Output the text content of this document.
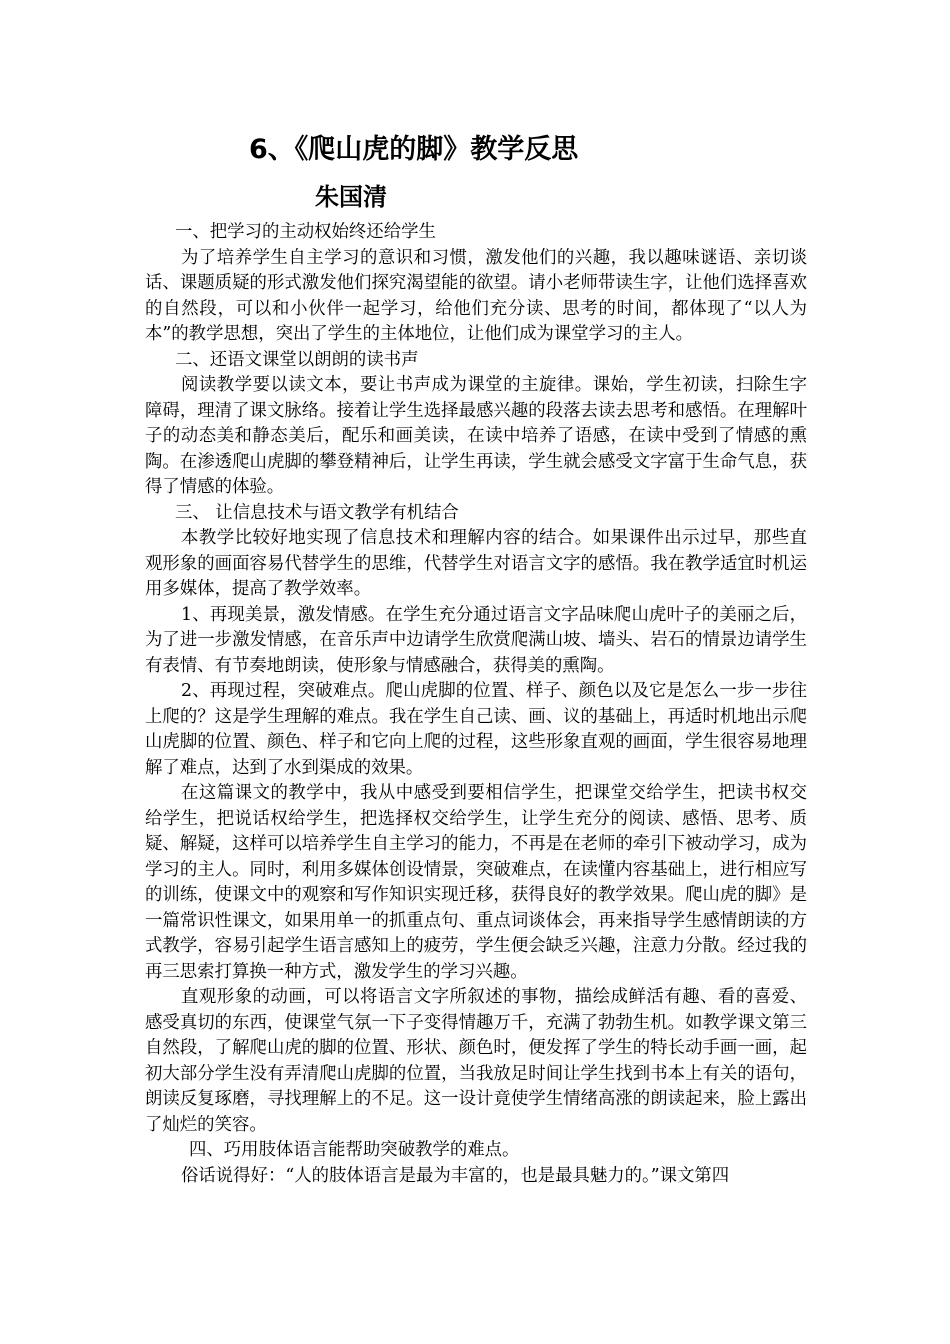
6、《爬山虎的脚》教学反思
朱国清

一、把学习的主动权始终还给学生

为了培养学生自主学习的意识和习惯，激发他们的兴趣，我以趣味谜语、亲切谈话、课题质疑的形式激发他们探究渴望能的欲望。请小老师带读生字，让他们选择喜欢的自然段，可以和小伙伴一起学习，给他们充分读、思考的时间，都体现了“以人为本”的教学思想，突出了学生的主体地位，让他们成为课堂学习的主人。

二、还语文课堂以朗朗的读书声

阅读教学要以读文本，要让书声成为课堂的主旋律。课始，学生初读，扫除生字障碍，理清了课文脉络。接着让学生选择最感兴趣的段落去读去思考和感悟。在理解叶子的动态美和静态美后，配乐和画美读，在读中培养了语感，在读中受到了情感的熏陶。在渗透爬山虎脚的攀登精神后，让学生再读，学生就会感受文字富于生命气息，获得了情感的体验。

三、 让信息技术与语文教学有机结合

本教学比较好地实现了信息技术和理解内容的结合。如果课件出示过早，那些直观形象的画面容易代替学生的思维，代替学生对语言文字的感悟。我在教学适宜时机运用多媒体，提高了教学效率。

1、再现美景，激发情感。在学生充分通过语言文字品味爬山虎叶子的美丽之后，为了进一步激发情感，在音乐声中边请学生欣赏爬满山坡、墙头、岩石的情景边请学生有表情、有节奏地朗读，使形象与情感融合，获得美的熏陶。

2、再现过程，突破难点。爬山虎脚的位置、样子、颜色以及它是怎么一步一步往上爬的？这是学生理解的难点。我在学生自己读、画、议的基础上，再适时机地出示爬山虎脚的位置、颜色、样子和它向上爬的过程，这些形象直观的画面，学生很容易地理解了难点，达到了水到渠成的效果。

在这篇课文的教学中，我从中感受到要相信学生，把课堂交给学生，把读书权交给学生，把说话权给学生，把选择权交给学生，让学生充分的阅读、感悟、思考、质疑、解疑，这样可以培养学生自主学习的能力，不再是在老师的牵引下被动学习，成为学习的主人。同时，利用多媒体创设情景，突破难点，在读懂内容基础上，进行相应写的训练，使课文中的观察和写作知识实现迁移，获得良好的教学效果。爬山虎的脚》是一篇常识性课文，如果用单一的抓重点句、重点词谈体会，再来指导学生感情朗读的方式教学，容易引起学生语言感知上的疲劳，学生便会缺乏兴趣，注意力分散。经过我的再三思索打算换一种方式，激发学生的学习兴趣。

直观形象的动画，可以将语言文字所叙述的事物，描绘成鲜活有趣、看的喜爱、感受真切的东西，使课堂气氛一下子变得情趣万千，充满了勃勃生机。如教学课文第三自然段，了解爬山虎的脚的位置、形状、颜色时，便发挥了学生的特长动手画一画，起初大部分学生没有弄清爬山虎脚的位置，当我放足时间让学生找到书本上有关的语句，朗读反复琢磨，寻找理解上的不足。这一设计竟使学生情绪高涨的朗读起来，脸上露出了灿烂的笑容。

四、巧用肢体语言能帮助突破教学的难点。

俗话说得好：“人的肢体语言是最为丰富的，也是最具魅力的。”课文第四
